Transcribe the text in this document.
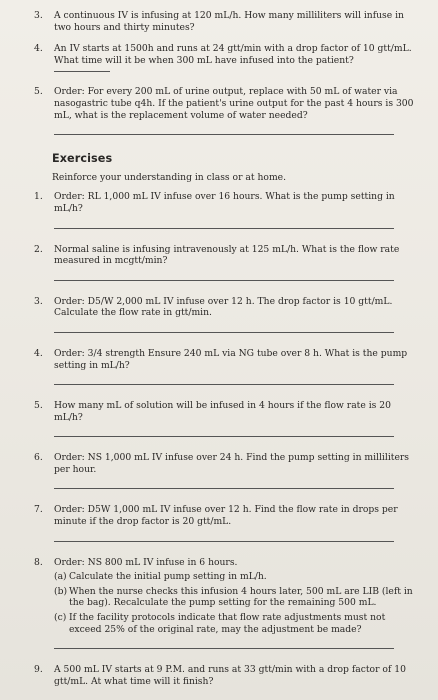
3. A continuous IV is infusing at 120 mL/h. How many milliliters will infuse in two hours and thirty minutes?
4. An IV starts at 1500h and runs at 24 gtt/min with a drop factor of 10 gtt/mL. What time will it be when 300 mL have infused into the patient?
5. Order: For every 200 mL of urine output, replace with 50 mL of water via nasogastric tube q4h. If the patient's urine output for the past 4 hours is 300 mL, what is the replacement volume of water needed?
Exercises
Reinforce your understanding in class or at home.
1. Order: RL 1,000 mL IV infuse over 16 hours. What is the pump setting in mL/h?
2. Normal saline is infusing intravenously at 125 mL/h. What is the flow rate measured in mcgtt/min?
3. Order: D5/W 2,000 mL IV infuse over 12 h. The drop factor is 10 gtt/mL. Calculate the flow rate in gtt/min.
4. Order: 3/4 strength Ensure 240 mL via NG tube over 8 h. What is the pump setting in mL/h?
5. How many mL of solution will be infused in 4 hours if the flow rate is 20 mL/h?
6. Order: NS 1,000 mL IV infuse over 24 h. Find the pump setting in milliliters per hour.
7. Order: D5W 1,000 mL IV infuse over 12 h. Find the flow rate in drops per minute if the drop factor is 20 gtt/mL.
8. Order: NS 800 mL IV infuse in 6 hours.
(a) Calculate the initial pump setting in mL/h.
(b) When the nurse checks this infusion 4 hours later, 500 mL are LIB (left in the bag). Recalculate the pump setting for the remaining 500 mL.
(c) If the facility protocols indicate that flow rate adjustments must not exceed 25% of the original rate, may the adjustment be made?
9. A 500 mL IV starts at 9 P.M. and runs at 33 gtt/min with a drop factor of 10 gtt/mL. At what time will it finish?
